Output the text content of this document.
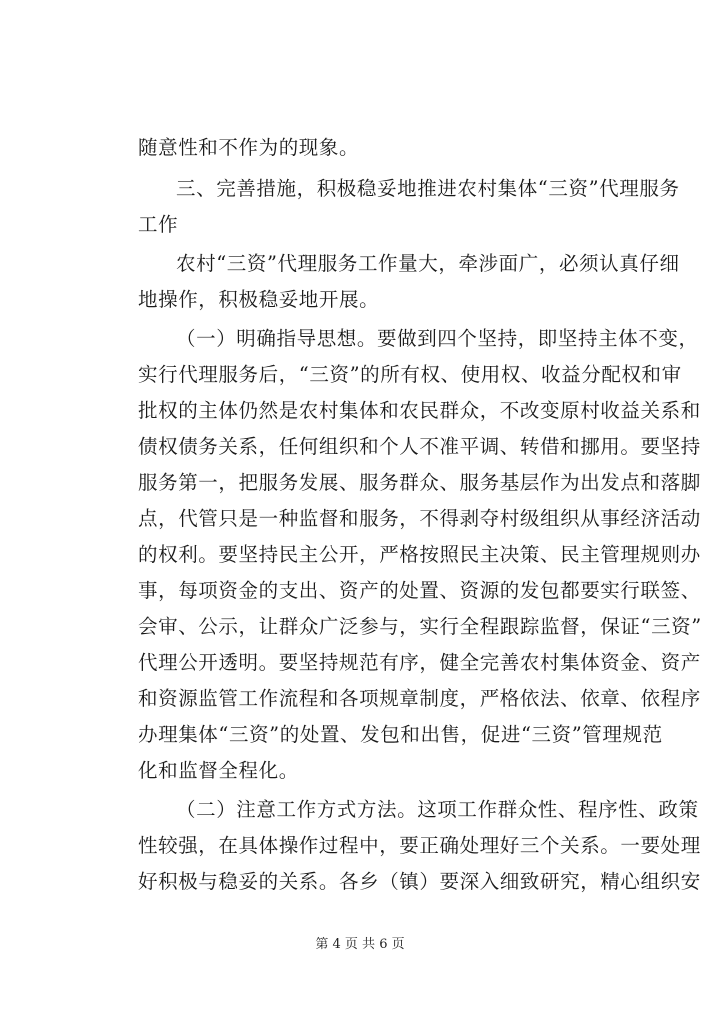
随意性和不作为的现象。
三、完善措施，积极稳妥地推进农村集体“三资”代理服务
工作
农村“三资”代理服务工作量大，牵涉面广，必须认真仔细
地操作，积极稳妥地开展。
（一）明确指导思想。要做到四个坚持，即坚持主体不变，
实行代理服务后，“三资”的所有权、使用权、收益分配权和审
批权的主体仍然是农村集体和农民群众，不改变原村收益关系和
债权债务关系，任何组织和个人不准平调、转借和挪用。要坚持
服务第一，把服务发展、服务群众、服务基层作为出发点和落脚
点，代管只是一种监督和服务，不得剥夺村级组织从事经济活动
的权利。要坚持民主公开，严格按照民主决策、民主管理规则办
事，每项资金的支出、资产的处置、资源的发包都要实行联签、
会审、公示，让群众广泛参与，实行全程跟踪监督，保证“三资”
代理公开透明。要坚持规范有序，健全完善农村集体资金、资产
和资源监管工作流程和各项规章制度，严格依法、依章、依程序
办理集体“三资”的处置、发包和出售，促进“三资”管理规范
化和监督全程化。
（二）注意工作方式方法。这项工作群众性、程序性、政策
性较强，在具体操作过程中，要正确处理好三个关系。一要处理
好积极与稳妥的关系。各乡（镇）要深入细致研究，精心组织安
第 4 页 共 6 页
